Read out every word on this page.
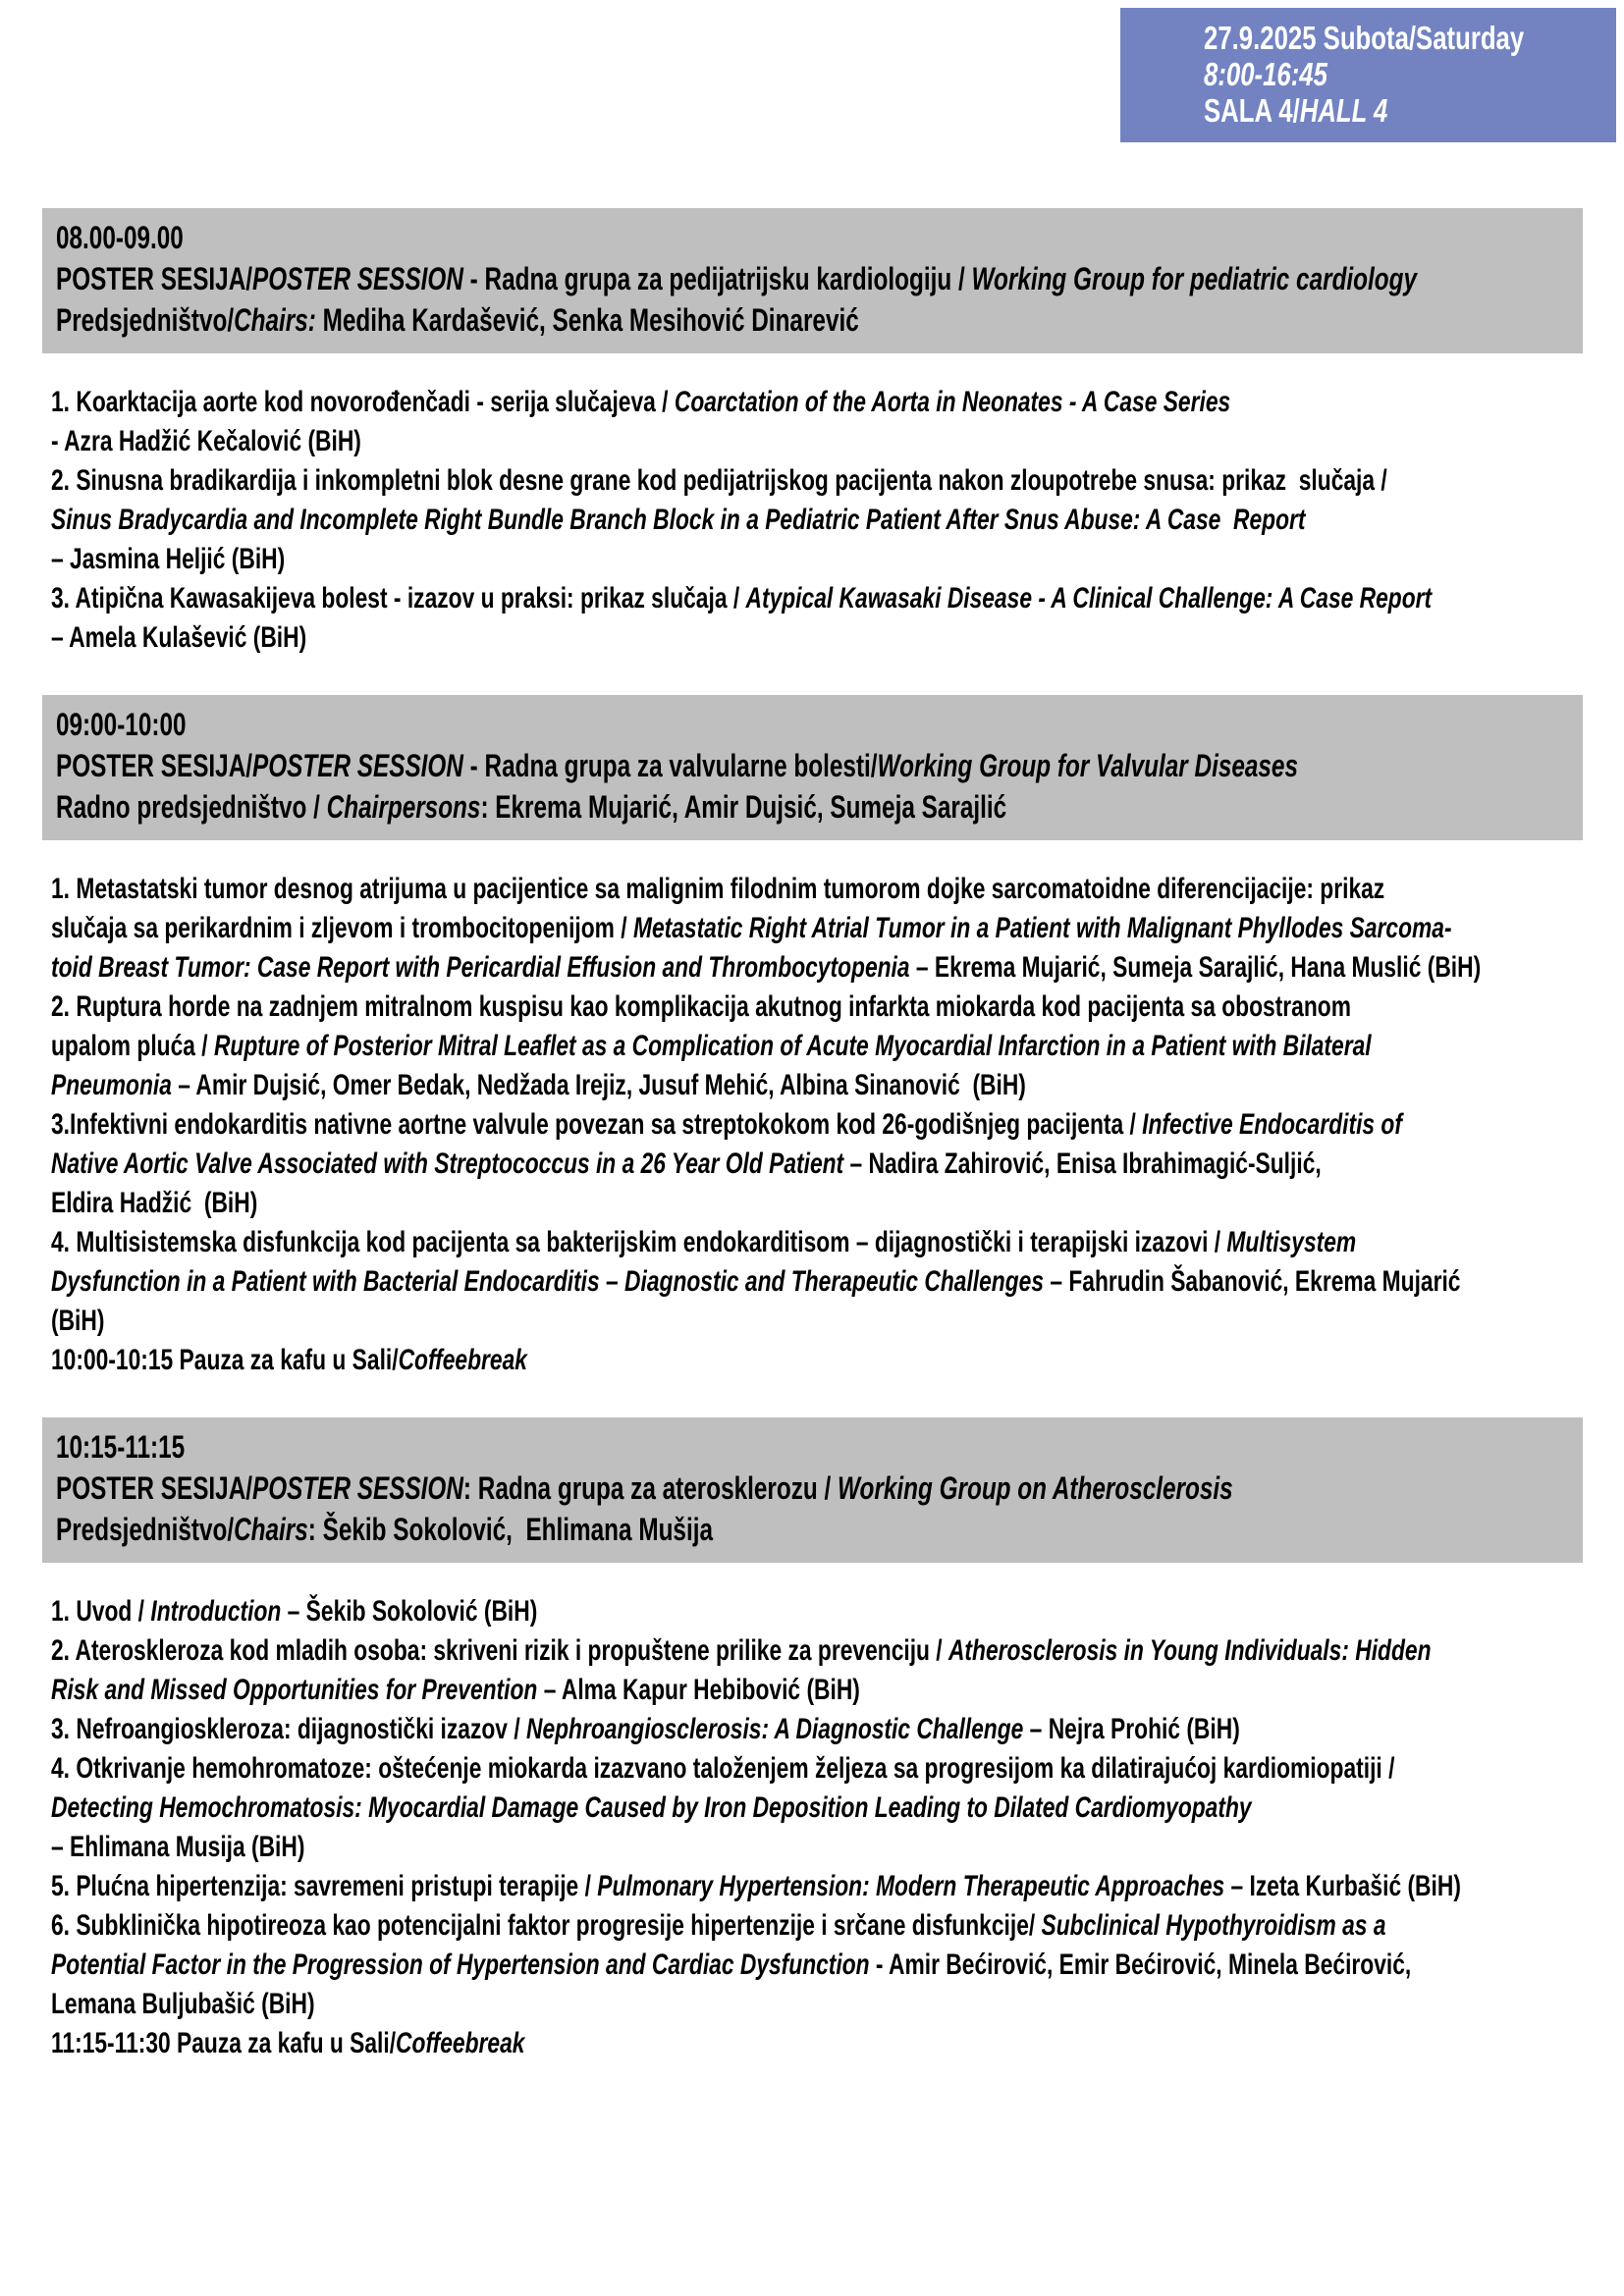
27.9.2025 Subota/Saturday
8:00-16:45
SALA 4/HALL 4
08.00-09.00
POSTER SESIJA/POSTER SESSION - Radna grupa za pedijatrijsku kardiologiju / Working Group for pediatric cardiology
Predsjedništvo/Chairs: Mediha Kardašević, Senka Mesihović Dinarević
1. Koarktacija aorte kod novorođenčadi - serija slučajeva / Coarctation of the Aorta in Neonates - A Case Series
- Azra Hadžić Kečalović (BiH)
2. Sinusna bradikardija i inkompletni blok desne grane kod pedijatrijskog pacijenta nakon zloupotrebe snusa: prikaz  slučaja /
Sinus Bradycardia and Incomplete Right Bundle Branch Block in a Pediatric Patient After Snus Abuse: A Case  Report
– Jasmina Heljić (BiH)
3. Atipična Kawasakijeva bolest - izazov u praksi: prikaz slučaja / Atypical Kawasaki Disease - A Clinical Challenge: A Case Report
– Amela Kulašević (BiH)
09:00-10:00
POSTER SESIJA/POSTER SESSION - Radna grupa za valvularne bolesti/Working Group for Valvular Diseases
Radno predsjedništvo / Chairpersons: Ekrema Mujarić, Amir Dujsić, Sumeja Sarajlić
1. Metastatski tumor desnog atrijuma u pacijentice sa malignim filodnim tumorom dojke sarcomatoidne diferencijacije: prikaz
slučaja sa perikardnim i zljevom i trombocitopenijom / Metastatic Right Atrial Tumor in a Patient with Malignant Phyllodes Sarcoma-
toid Breast Tumor: Case Report with Pericardial Effusion and Thrombocytopenia – Ekrema Mujarić, Sumeja Sarajlić, Hana Muslić (BiH)
2. Ruptura horde na zadnjem mitralnom kuspisu kao komplikacija akutnog infarkta miokarda kod pacijenta sa obostranom
upalom pluća / Rupture of Posterior Mitral Leaflet as a Complication of Acute Myocardial Infarction in a Patient with Bilateral
Pneumonia – Amir Dujsić, Omer Bedak, Nedžada Irejiz, Jusuf Mehić, Albina Sinanović  (BiH)
3.Infektivni endokarditis nativne aortne valvule povezan sa streptokokom kod 26-godišnjeg pacijenta / Infective Endocarditis of
Native Aortic Valve Associated with Streptococcus in a 26 Year Old Patient – Nadira Zahirović, Enisa Ibrahimagić-Suljić,
Eldira Hadžić  (BiH)
4. Multisistemska disfunkcija kod pacijenta sa bakterijskim endokarditisom – dijagnostički i terapijski izazovi / Multisystem
Dysfunction in a Patient with Bacterial Endocarditis – Diagnostic and Therapeutic Challenges – Fahrudin Šabanović, Ekrema Mujarić
(BiH)
10:00-10:15 Pauza za kafu u Sali/Coffeebreak
10:15-11:15
POSTER SESIJA/POSTER SESSION: Radna grupa za aterosklerozu / Working Group on Atherosclerosis
Predsjedništvo/Chairs: Šekib Sokolović,  Ehlimana Mušija
1. Uvod / Introduction – Šekib Sokolović (BiH)
2. Ateroskleroza kod mladih osoba: skriveni rizik i propuštene prilike za prevenciju / Atherosclerosis in Young Individuals: Hidden
Risk and Missed Opportunities for Prevention – Alma Kapur Hebibović (BiH)
3. Nefroangioskleroza: dijagnostički izazov / Nephroangiosclerosis: A Diagnostic Challenge – Nejra Prohić (BiH)
4. Otkrivanje hemohromatoze: oštećenje miokarda izazvano taloženjem željeza sa progresijom ka dilatirajućoj kardiomiopatiji /
Detecting Hemochromatosis: Myocardial Damage Caused by Iron Deposition Leading to Dilated Cardiomyopathy
– Ehlimana Musija (BiH)
5. Plućna hipertenzija: savremeni pristupi terapije / Pulmonary Hypertension: Modern Therapeutic Approaches – Izeta Kurbašić (BiH)
6. Subklinička hipotireoza kao potencijalni faktor progresije hipertenzije i srčane disfunkcije/ Subclinical Hypothyroidism as a
Potential Factor in the Progression of Hypertension and Cardiac Dysfunction - Amir Bećirović, Emir Bećirović, Minela Bećirović,
Lemana Buljubašić (BiH)
11:15-11:30 Pauza za kafu u Sali/Coffeebreak
